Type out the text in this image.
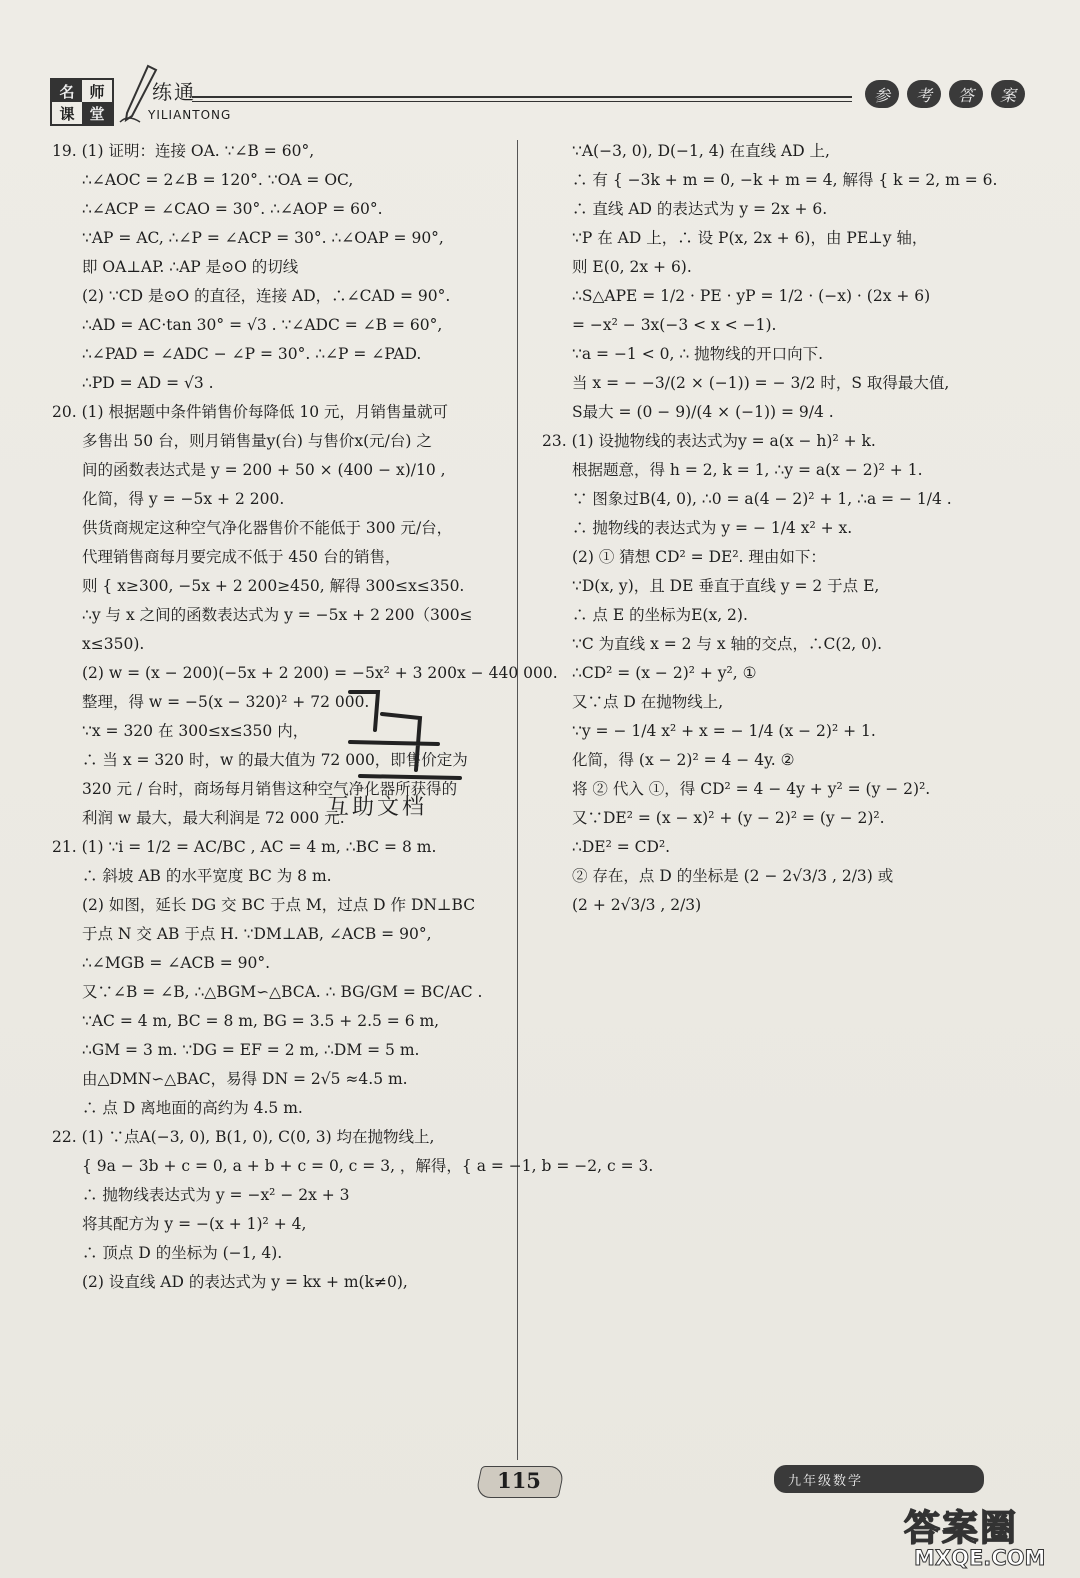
名 师
课 堂
练通
YILIANTONG
参	考	答	案
19. (1) 证明：连接 OA. ∵∠B = 60°,
∴∠AOC = 2∠B = 120°. ∵OA = OC,
∴∠ACP = ∠CAO = 30°. ∴∠AOP = 60°.
∵AP = AC, ∴∠P = ∠ACP = 30°. ∴∠OAP = 90°,
即 OA⊥AP. ∴AP 是⊙O 的切线
(2) ∵CD 是⊙O 的直径，连接 AD，∴∠CAD = 90°.
∴AD = AC·tan 30° = √3 . ∵∠ADC = ∠B = 60°,
∴∠PAD = ∠ADC − ∠P = 30°. ∴∠P = ∠PAD.
∴PD = AD = √3 .
20. (1) 根据题中条件销售价每降低 10 元，月销售量就可
多售出 50 台，则月销售量y(台) 与售价x(元/台) 之
间的函数表达式是 y = 200 + 50 × (400 − x)/10 ,
化简，得 y = −5x + 2 200.
供货商规定这种空气净化器售价不能低于 300 元/台，
代理销售商每月要完成不低于 450 台的销售，
则 { x≥300, −5x + 2 200≥450, 解得 300≤x≤350.
∴y 与 x 之间的函数表达式为 y = −5x + 2 200（300≤
x≤350).
(2) w = (x − 200)(−5x + 2 200) = −5x² + 3 200x − 440 000.
整理，得 w = −5(x − 320)² + 72 000.
∵x = 320 在 300≤x≤350 内，
∴ 当 x = 320 时，w 的最大值为 72 000，即售价定为
320 元 / 台时，商场每月销售这种空气净化器所获得的
利润 w 最大，最大利润是 72 000 元.
21. (1) ∵i = 1/2 = AC/BC , AC = 4 m, ∴BC = 8 m.
∴ 斜坡 AB 的水平宽度 BC 为 8 m.
(2) 如图，延长 DG 交 BC 于点 M，过点 D 作 DN⊥BC
于点 N 交 AB 于点 H. ∵DM⊥AB, ∠ACB = 90°,
∴∠MGB = ∠ACB = 90°.
又∵∠B = ∠B, ∴△BGM∽△BCA. ∴ BG/GM = BC/AC .
∵AC = 4 m, BC = 8 m, BG = 3.5 + 2.5 = 6 m,
∴GM = 3 m. ∵DG = EF = 2 m, ∴DM = 5 m.
由△DMN∽△BAC，易得 DN = 2√5 ≈4.5 m.
∴ 点 D 离地面的高约为 4.5 m.
22. (1) ∵点A(−3, 0), B(1, 0), C(0, 3) 均在抛物线上,
{ 9a − 3b + c = 0, a + b + c = 0, c = 3, ，解得，{ a = −1, b = −2, c = 3.
∴ 抛物线表达式为 y = −x² − 2x + 3
将其配方为 y = −(x + 1)² + 4,
∴ 顶点 D 的坐标为 (−1, 4).
(2) 设直线 AD 的表达式为 y = kx + m(k≠0),
∵A(−3, 0), D(−1, 4) 在直线 AD 上,
∴ 有 { −3k + m = 0, −k + m = 4, 解得 { k = 2, m = 6.
∴ 直线 AD 的表达式为 y = 2x + 6.
∵P 在 AD 上，∴ 设 P(x, 2x + 6)，由 PE⊥y 轴，
则 E(0, 2x + 6).
∴S△APE = 1/2 · PE · yP = 1/2 · (−x) · (2x + 6)
= −x² − 3x(−3 < x < −1).
∵a = −1 < 0, ∴ 抛物线的开口向下.
当 x = − −3/(2 × (−1)) = − 3/2 时，S 取得最大值,
S最大 = (0 − 9)/(4 × (−1)) = 9/4 .
23. (1) 设抛物线的表达式为y = a(x − h)² + k.
根据题意，得 h = 2, k = 1, ∴y = a(x − 2)² + 1.
∵ 图象过B(4, 0), ∴0 = a(4 − 2)² + 1, ∴a = − 1/4 .
∴ 抛物线的表达式为 y = − 1/4 x² + x.
(2) ① 猜想 CD² = DE². 理由如下：
∵D(x, y)，且 DE 垂直于直线 y = 2 于点 E,
∴ 点 E 的坐标为E(x, 2).
∵C 为直线 x = 2 与 x 轴的交点，∴C(2, 0).
∴CD² = (x − 2)² + y², ①
又∵点 D 在抛物线上,
∵y = − 1/4 x² + x = − 1/4 (x − 2)² + 1.
化简，得 (x − 2)² = 4 − 4y. ②
将 ② 代入 ①，得 CD² = 4 − 4y + y² = (y − 2)².
又∵DE² = (x − x)² + (y − 2)² = (y − 2)².
∴DE² = CD².
② 存在，点 D 的坐标是 (2 − 2√3/3 , 2/3) 或
(2 + 2√3/3 , 2/3)
互助文档
115	九年级数学
答案圈
MXQE.COM
